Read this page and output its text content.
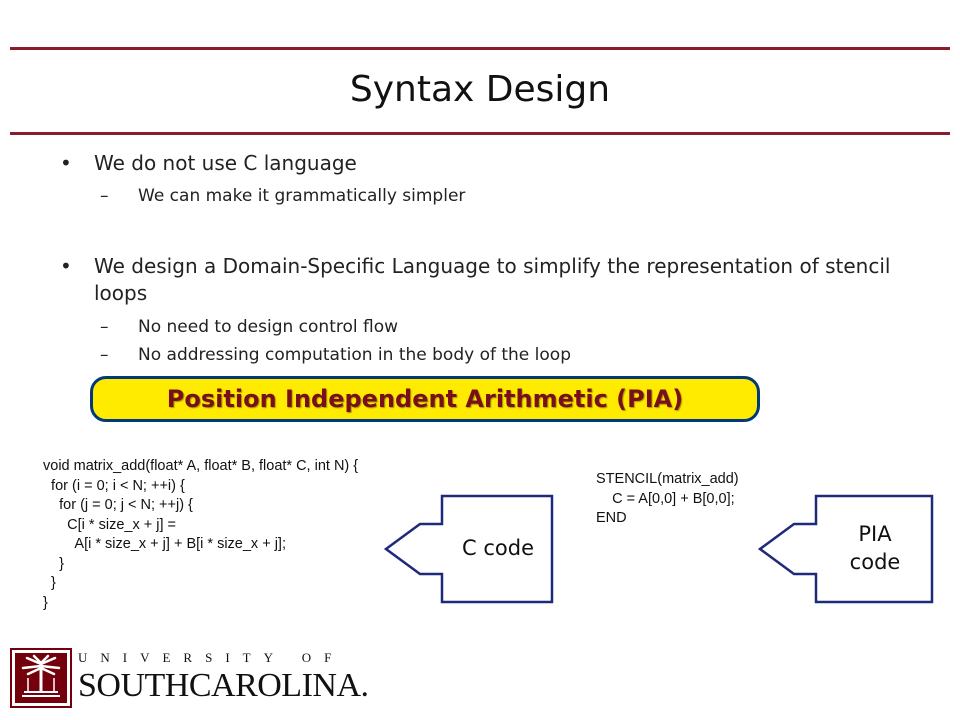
Syntax Design
• We do not use C language
– We can make it grammatically simpler
• We design a Domain-Specific Language to simplify the representation of stencil loops
– No need to design control flow
– No addressing computation in the body of the loop
Position Independent Arithmetic (PIA)
void matrix_add(float* A, float* B, float* C, int N) {
for (i = 0; i < N; ++i) {
for (j = 0; j < N; ++j) {
C[i * size_x + j] =
A[i * size_x + j] + B[i * size_x + j];
}
}
}
STENCIL(matrix_add)
C = A[0,0] + B[0,0];
END
C code
PIA
code
UNIVERSITY OF
SOUTHCAROLINA.
